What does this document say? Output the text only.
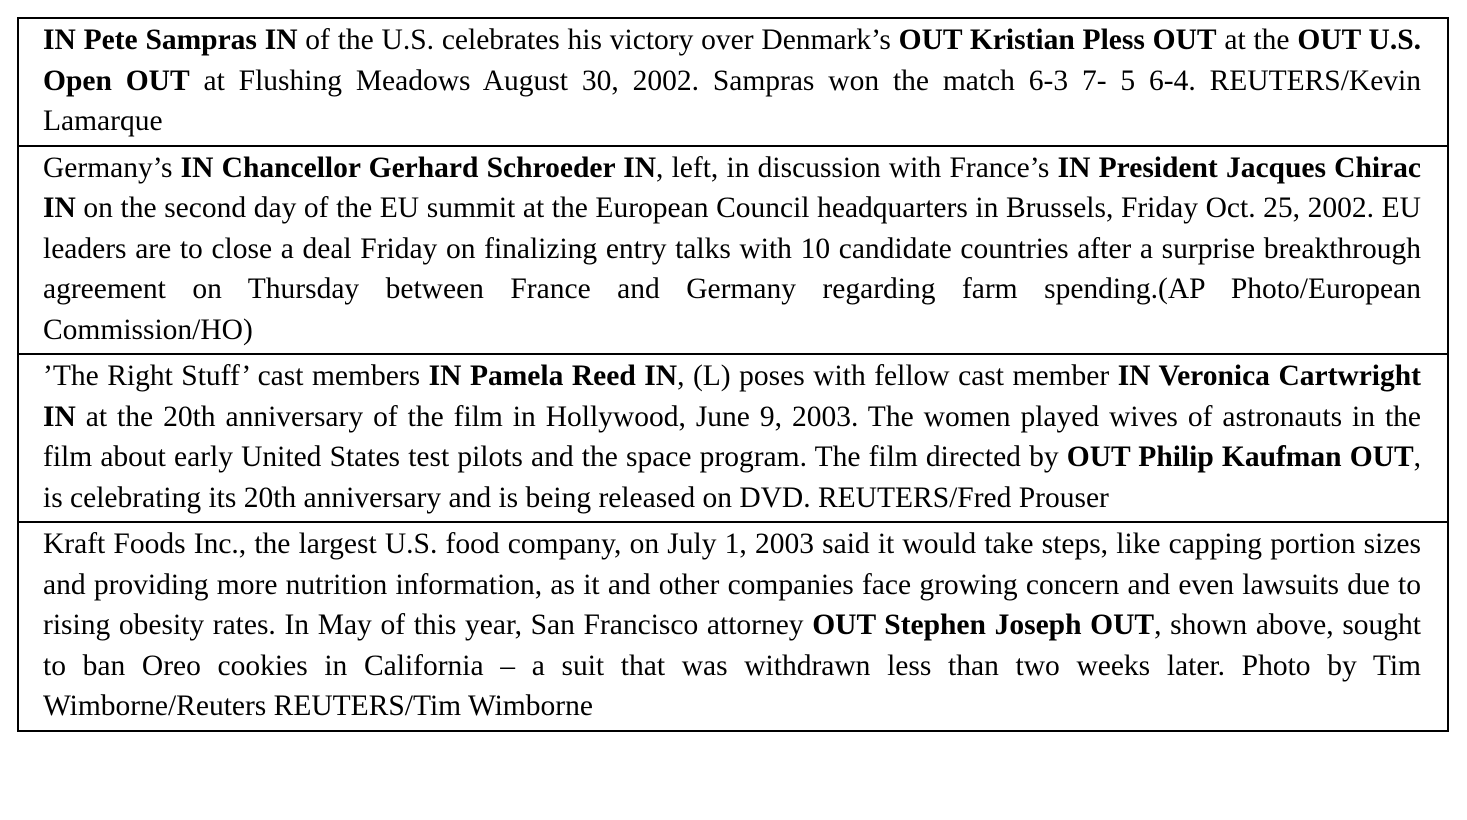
IN Pete Sampras IN of the U.S. celebrates his victory over Denmark’s OUT Kristian Pless OUT at the OUT U.S. Open OUT at Flushing Meadows August 30, 2002. Sampras won the match 6-3 7- 5 6-4. REUTERS/Kevin Lamarque
Germany’s IN Chancellor Gerhard Schroeder IN, left, in discussion with France’s IN President Jacques Chirac IN on the second day of the EU summit at the European Council headquarters in Brussels, Friday Oct. 25, 2002. EU leaders are to close a deal Friday on finalizing entry talks with 10 candidate countries after a surprise breakthrough agreement on Thursday between France and Germany regarding farm spending.(AP Photo/European Commission/HO)
’The Right Stuff’ cast members IN Pamela Reed IN, (L) poses with fellow cast member IN Veronica Cartwright IN at the 20th anniversary of the film in Hollywood, June 9, 2003. The women played wives of astronauts in the film about early United States test pilots and the space program. The film directed by OUT Philip Kaufman OUT, is celebrating its 20th anniversary and is being released on DVD. REUTERS/Fred Prouser
Kraft Foods Inc., the largest U.S. food company, on July 1, 2003 said it would take steps, like capping portion sizes and providing more nutrition information, as it and other companies face growing concern and even lawsuits due to rising obesity rates. In May of this year, San Francisco attorney OUT Stephen Joseph OUT, shown above, sought to ban Oreo cookies in California – a suit that was withdrawn less than two weeks later. Photo by Tim Wimborne/Reuters REUTERS/Tim Wimborne
